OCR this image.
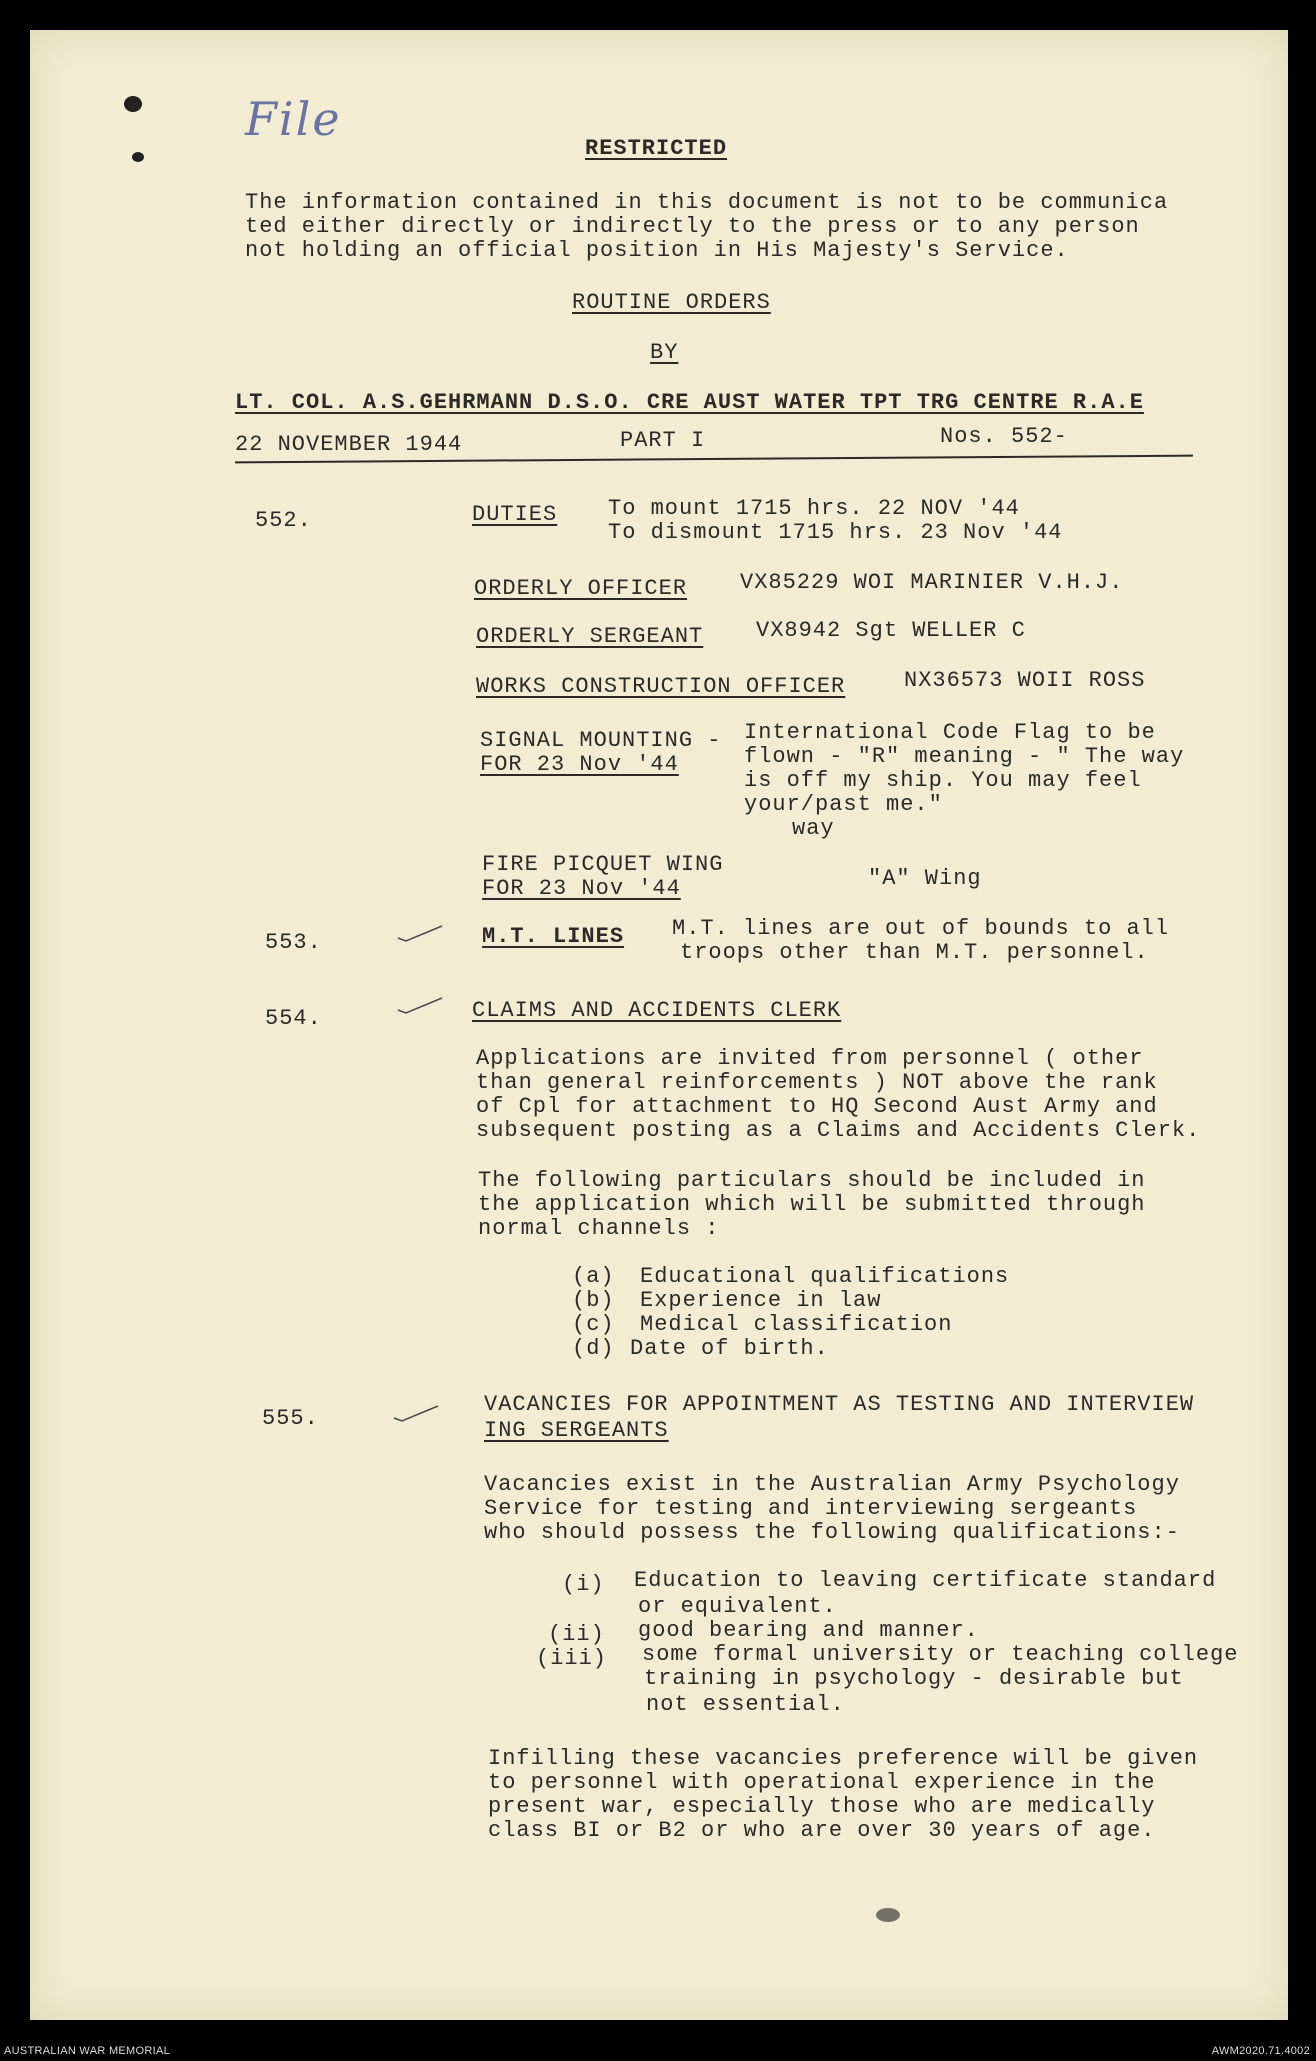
File
RESTRICTED
The information contained in this document is not to be communica
ted either directly or indirectly to the press or to any person
not holding an official position in His Majesty's Service.
ROUTINE ORDERS
BY
LT. COL. A.S.GEHRMANN D.S.O. CRE AUST WATER TPT TRG CENTRE R.A.E
22 NOVEMBER 1944	PART I	Nos. 552-
552.	DUTIES To mount 1715 hrs. 22 NOV '44
To dismount 1715 hrs. 23 Nov '44
ORDERLY OFFICER VX85229 WOI MARINIER V.H.J.
ORDERLY SERGEANT VX8942 Sgt WELLER C
WORKS CONSTRUCTION OFFICER	NX36573 WOII ROSS
SIGNAL MOUNTING -
FOR 23 Nov '44
International Code Flag to be
flown - "R" meaning - " The way
is off my ship. You may feel
your/past me."
way
FIRE PICQUET WING
FOR 23 Nov '44	"A" Wing
553.	M.T. LINES M.T. lines are out of bounds to all
troops other than M.T. personnel.
554.	CLAIMS AND ACCIDENTS CLERK
Applications are invited from personnel ( other
than general reinforcements ) NOT above the rank
of Cpl for attachment to HQ Second Aust Army and
subsequent posting as a Claims and Accidents Clerk.
The following particulars should be included in
the application which will be submitted through
normal channels :
(a) Educational qualifications
(b) Experience in law
(c) Medical classification
(d) Date of birth.
555.
VACANCIES FOR APPOINTMENT AS TESTING AND INTERVIEW
ING SERGEANTS
Vacancies exist in the Australian Army Psychology
Service for testing and interviewing sergeants
who should possess the following qualifications:-
(i) Education to leaving certificate standard
or equivalent.
(ii) good bearing and manner.
(iii) some formal university or teaching college
training in psychology - desirable but
not essential.
Infilling these vacancies preference will be given
to personnel with operational experience in the
present war, especially those who are medically
class BI or B2 or who are over 30 years of age.
AUSTRALIAN WAR MEMORIAL	AWM2020.71.4002
